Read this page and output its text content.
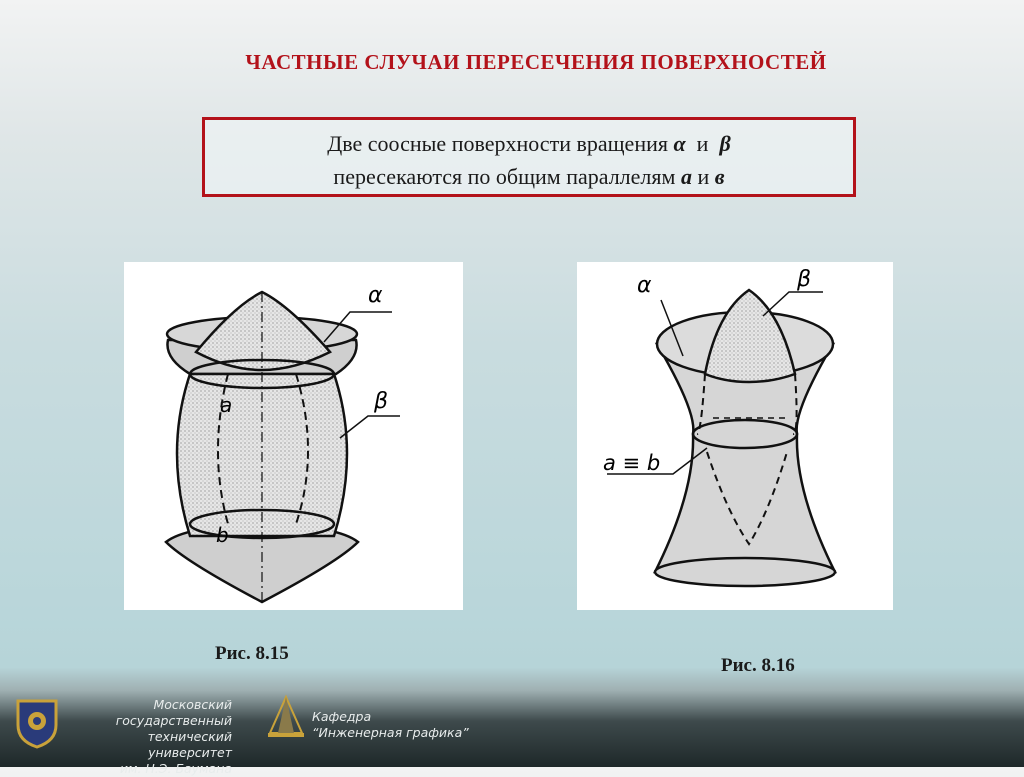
ЧАСТНЫЕ СЛУЧАИ ПЕРЕСЕЧЕНИЯ ПОВЕРХНОСТЕЙ
Две соосные поверхности вращения α и β
пересекаются по общим параллелям а и в
α
β
a
b
α	β
a ≡ b
Рис. 8.15
Рис. 8.16
Московский государственный
технический университет
им. Н.Э. Баумана
Кафедра
“Инженерная графика”
